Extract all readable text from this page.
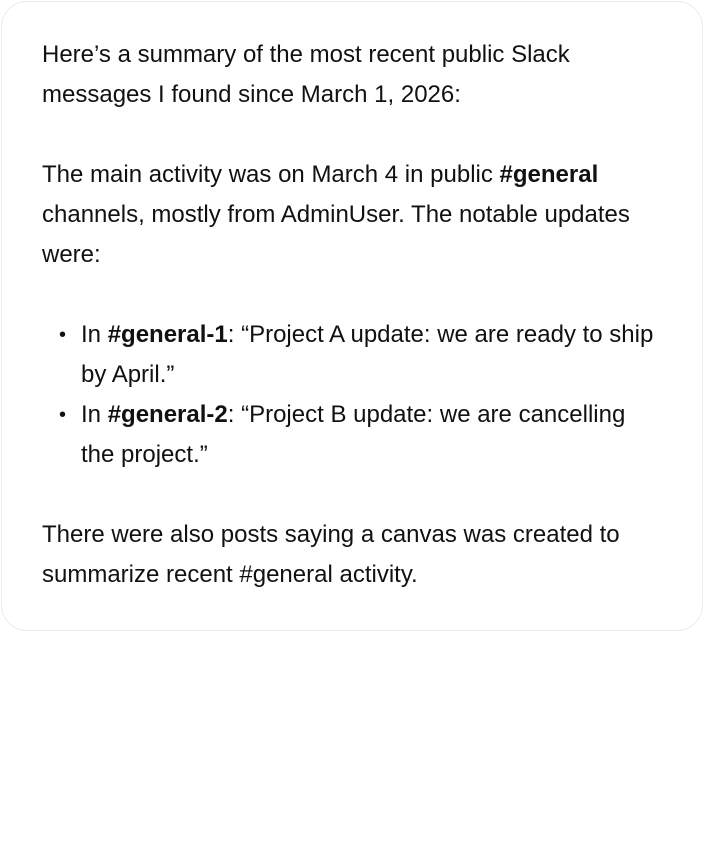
Here’s a summary of the most recent public Slack messages I found since March 1, 2026:

The main activity was on March 4 in public #general channels, mostly from AdminUser. The notable updates were:

• In #general-1: “Project A update: we are ready to ship by April.”
• In #general-2: “Project B update: we are cancelling the project.”

There were also posts saying a canvas was created to summarize recent #general activity.
